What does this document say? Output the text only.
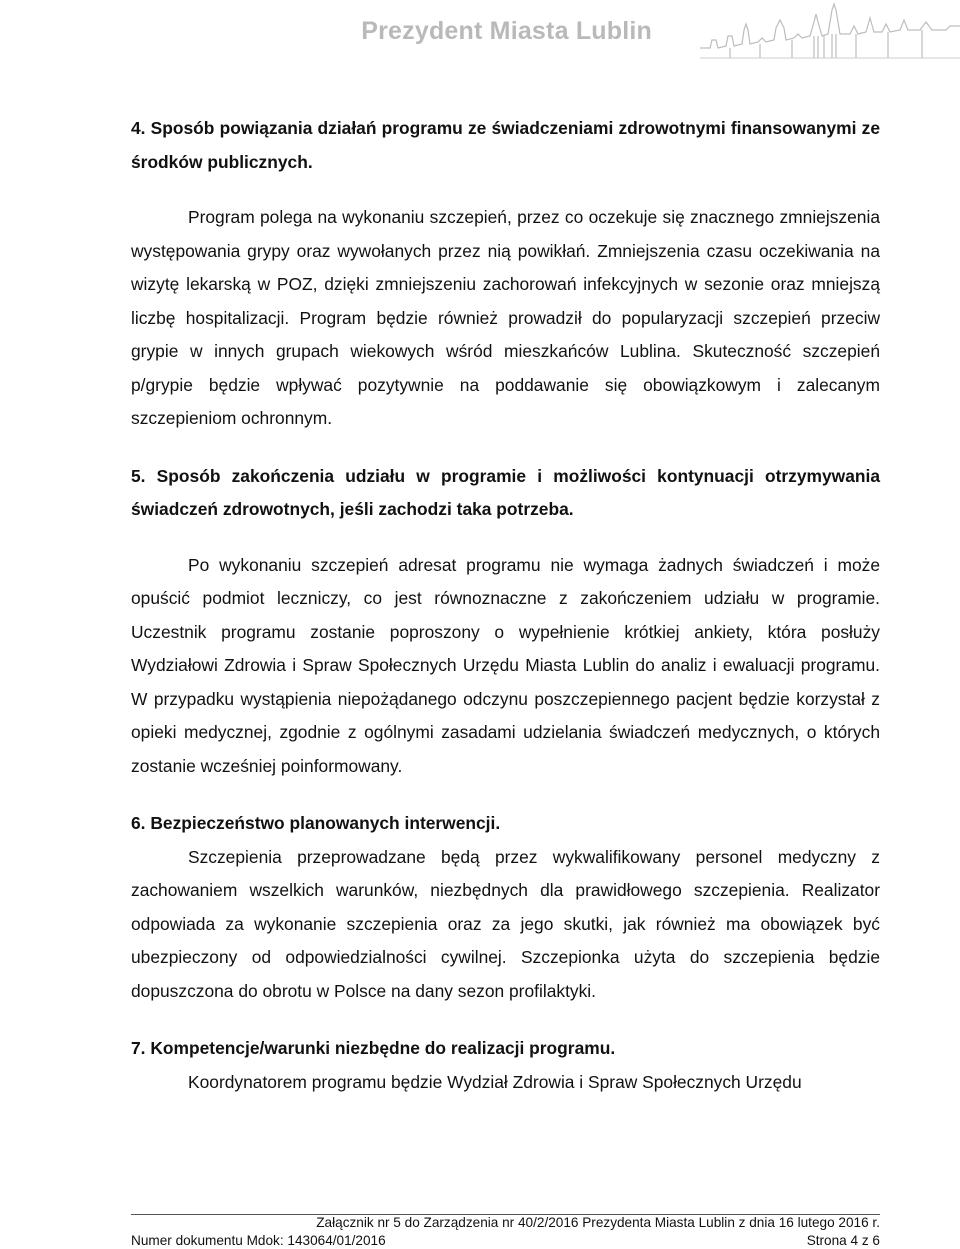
Prezydent Miasta Lublin

4. Sposób powiązania działań programu ze świadczeniami zdrowotnymi finansowanymi ze środków publicznych.

Program polega na wykonaniu szczepień, przez co oczekuje się znacznego zmniejszenia występowania grypy oraz wywołanych przez nią powikłań. Zmniejszenia czasu oczekiwania na wizytę lekarską w POZ, dzięki zmniejszeniu zachorowań infekcyjnych w sezonie oraz mniejszą liczbę hospitalizacji. Program będzie również prowadził do popularyzacji szczepień przeciw grypie w innych grupach wiekowych wśród mieszkańców Lublina. Skuteczność szczepień p/grypie będzie wpływać pozytywnie na poddawanie się obowiązkowym i zalecanym szczepieniom ochronnym.

5. Sposób zakończenia udziału w programie i możliwości kontynuacji otrzymywania świadczeń zdrowotnych, jeśli zachodzi taka potrzeba.

Po wykonaniu szczepień adresat programu nie wymaga żadnych świadczeń i może opuścić podmiot leczniczy, co jest równoznaczne z zakończeniem udziału w programie. Uczestnik programu zostanie poproszony o wypełnienie krótkiej ankiety, która posłuży Wydziałowi Zdrowia i Spraw Społecznych Urzędu Miasta Lublin do analiz i ewaluacji programu. W przypadku wystąpienia niepożądanego odczynu poszczepiennego pacjent będzie korzystał z opieki medycznej, zgodnie z ogólnymi zasadami udzielania świadczeń medycznych, o których zostanie wcześniej poinformowany.

6. Bezpieczeństwo planowanych interwencji.

Szczepienia przeprowadzane będą przez wykwalifikowany personel medyczny z zachowaniem wszelkich warunków, niezbędnych dla prawidłowego szczepienia. Realizator odpowiada za wykonanie szczepienia oraz za jego skutki, jak również ma obowiązek być ubezpieczony od odpowiedzialności cywilnej. Szczepionka użyta do szczepienia będzie dopuszczona do obrotu w Polsce na dany sezon profilaktyki.

7. Kompetencje/warunki niezbędne do realizacji programu.

Koordynatorem programu będzie Wydział Zdrowia i Spraw Społecznych Urzędu

Załącznik nr 5 do Zarządzenia nr 40/2/2016 Prezydenta Miasta Lublin z dnia 16 lutego 2016 r.
Numer dokumentu Mdok: 143064/01/2016	Strona 4 z 6
